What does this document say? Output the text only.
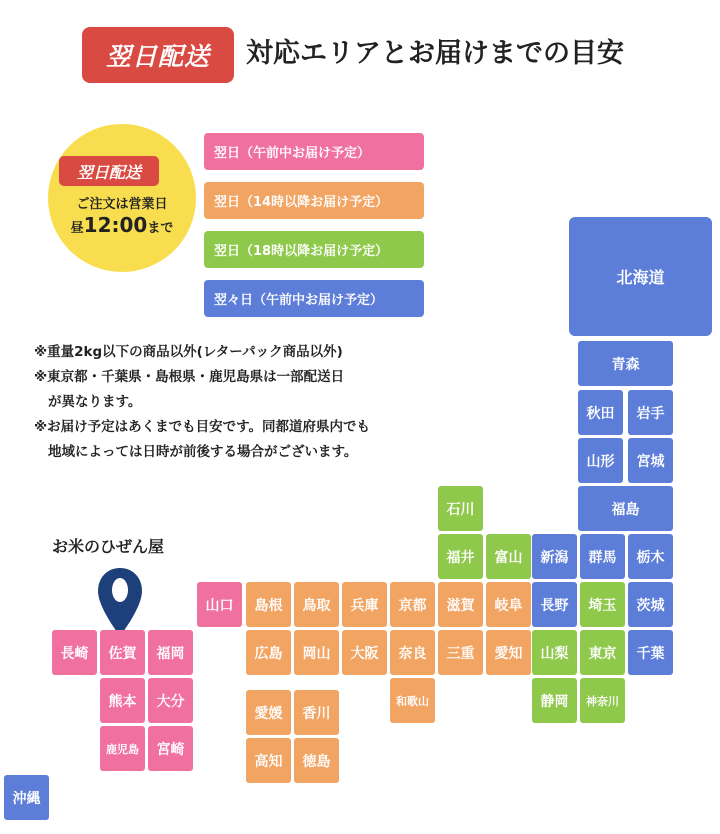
翌日配送	対応エリアとお届けまでの目安
翌日配送
ご注文は営業日
昼12:00まで
翌日（午前中お届け予定）
翌日（14時以降お届け予定）
翌日（18時以降お届け予定）
翌々日（午前中お届け予定）
※重量2kg以下の商品以外(レターパック商品以外)
※東京都・千葉県・島根県・鹿児島県は一部配送日
が異なります。
※お届け予定はあくまでも目安です。同都道府県内でも
地域によっては日時が前後する場合がございます。
お米のひぜん屋
北海道
青森
秋田	岩手
山形	宮城
福島
新潟	群馬	栃木
長野	埼玉	茨城
山梨	東京	千葉
静岡	神奈川
石川
福井	富山
岐阜
愛知
滋賀
三重
京都
奈良
和歌山
兵庫
大阪
島根	鳥取
広島	岡山
山口
愛媛	香川
高知	徳島
長崎	佐賀	福岡
熊本	大分
鹿児島	宮崎
沖縄
